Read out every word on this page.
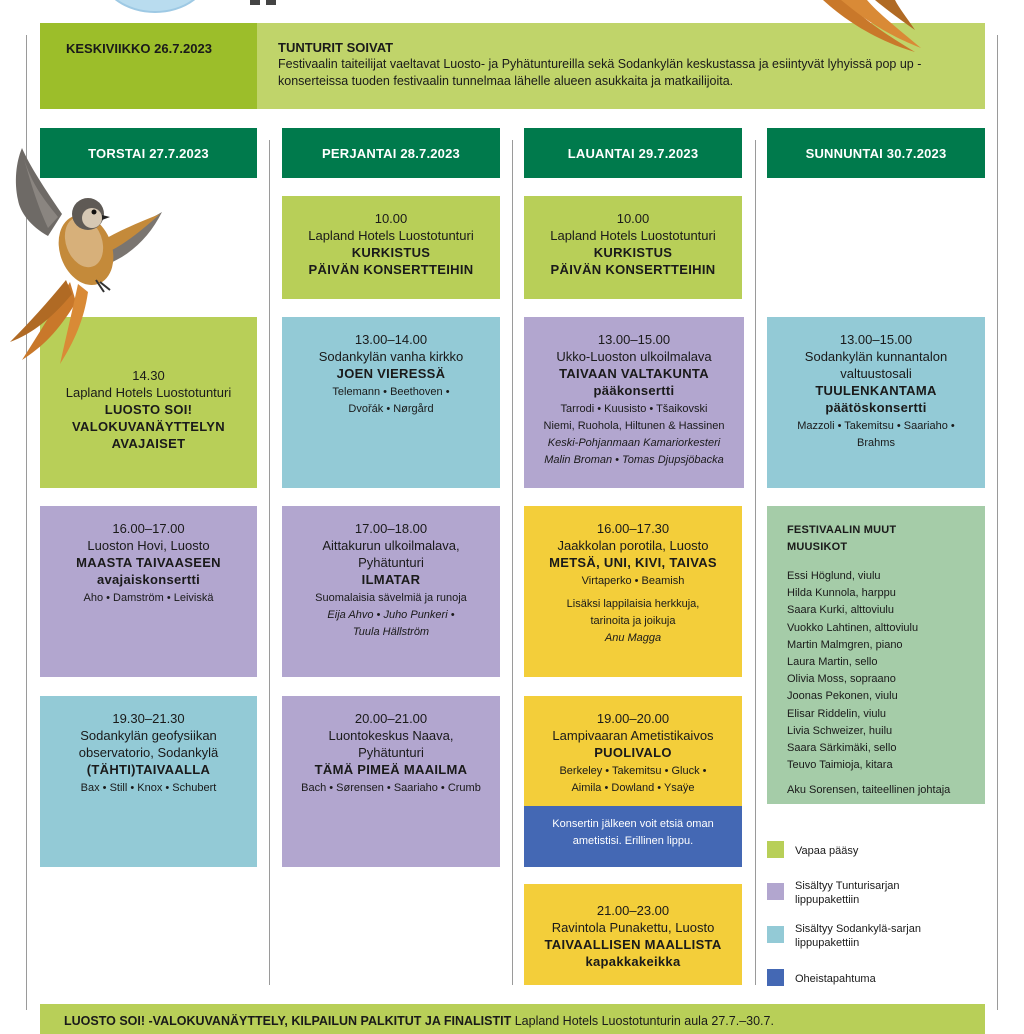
KESKIVIIKKO 26.7.2023	TUNTURIT SOIVAT
Festivaalin taiteilijat vaeltavat Luosto- ja Pyhätuntureilla sekä Sodankylän keskustassa ja esiintyvät lyhyissä pop up -konserteissa tuoden festivaalin tunnelmaa lähelle alueen asukkaita ja matkailijoita.
TORSTAI 27.7.2023	PERJANTAI 28.7.2023	LAUANTAI 29.7.2023	SUNNUNTAI 30.7.2023
14.30
Lapland Hotels Luostotunturi
LUOSTO SOI!
VALOKUVANÄYTTELYN
AVAJAISET
16.00–17.00
Luoston Hovi, Luosto
MAASTA TAIVAASEEN
avajaiskonsertti
Aho • Damström • Leiviskä
19.30–21.30
Sodankylän geofysiikan
observatorio, Sodankylä
(TÄHTI)TAIVAALLA
Bax • Still • Knox • Schubert
10.00
Lapland Hotels Luostotunturi
KURKISTUS
PÄIVÄN KONSERTTEIHIN
13.00–14.00
Sodankylän vanha kirkko
JOEN VIERESSÄ
Telemann • Beethoven •
Dvořák • Nørgård
17.00–18.00
Aittakurun ulkoilmalava,
Pyhätunturi
ILMATAR
Suomalaisia sävelmiä ja runoja
Eija Ahvo • Juho Punkeri •
Tuula Hällström
20.00–21.00
Luontokeskus Naava,
Pyhätunturi
TÄMÄ PIMEÄ MAAILMA
Bach • Sørensen • Saariaho • Crumb
10.00
Lapland Hotels Luostotunturi
KURKISTUS
PÄIVÄN KONSERTTEIHIN
13.00–15.00
Ukko-Luoston ulkoilmalava
TAIVAAN VALTAKUNTA
pääkonsertti
Tarrodi • Kuusisto • Tšaikovski
Niemi, Ruohola, Hiltunen & Hassinen
Keski-Pohjanmaan Kamariorkesteri
Malin Broman • Tomas Djupsjöbacka
16.00–17.30
Jaakkolan porotila, Luosto
METSÄ, UNI, KIVI, TAIVAS
Virtaperko • Beamish
Lisäksi lappilaisia herkkuja,
tarinoita ja joikuja
Anu Magga
19.00–20.00
Lampivaaran Ametistikaivos
PUOLIVALO
Berkeley • Takemitsu • Gluck •
Aimila • Dowland • Ysaÿe
Konsertin jälkeen voit etsiä oman
ametistisi. Erillinen lippu.
21.00–23.00
Ravintola Punakettu, Luosto
TAIVAALLISEN MAALLISTA
kapakkakeikka
13.00–15.00
Sodankylän kunnantalon
valtuustosali
TUULENKANTAMA
päätöskonsertti
Mazzoli • Takemitsu • Saariaho •
Brahms
FESTIVAALIN MUUT
MUUSIKOT
Essi Höglund, viulu
Hilda Kunnola, harppu
Saara Kurki, alttoviulu
Vuokko Lahtinen, alttoviulu
Martin Malmgren, piano
Laura Martin, sello
Olivia Moss, sopraano
Joonas Pekonen, viulu
Elisar Riddelin, viulu
Livia Schweizer, huilu
Saara Särkimäki, sello
Teuvo Taimioja, kitara
Aku Sorensen, taiteellinen johtaja
Vapaa pääsy
Sisältyy Tunturisarjan
lippupakettiin
Sisältyy Sodankylä-sarjan
lippupakettiin
Oheistapahtuma
LUOSTO SOI! -VALOKUVANÄYTTELY, KILPAILUN PALKITUT JA FINALISTIT Lapland Hotels Luostotunturin aula 27.7.–30.7.
